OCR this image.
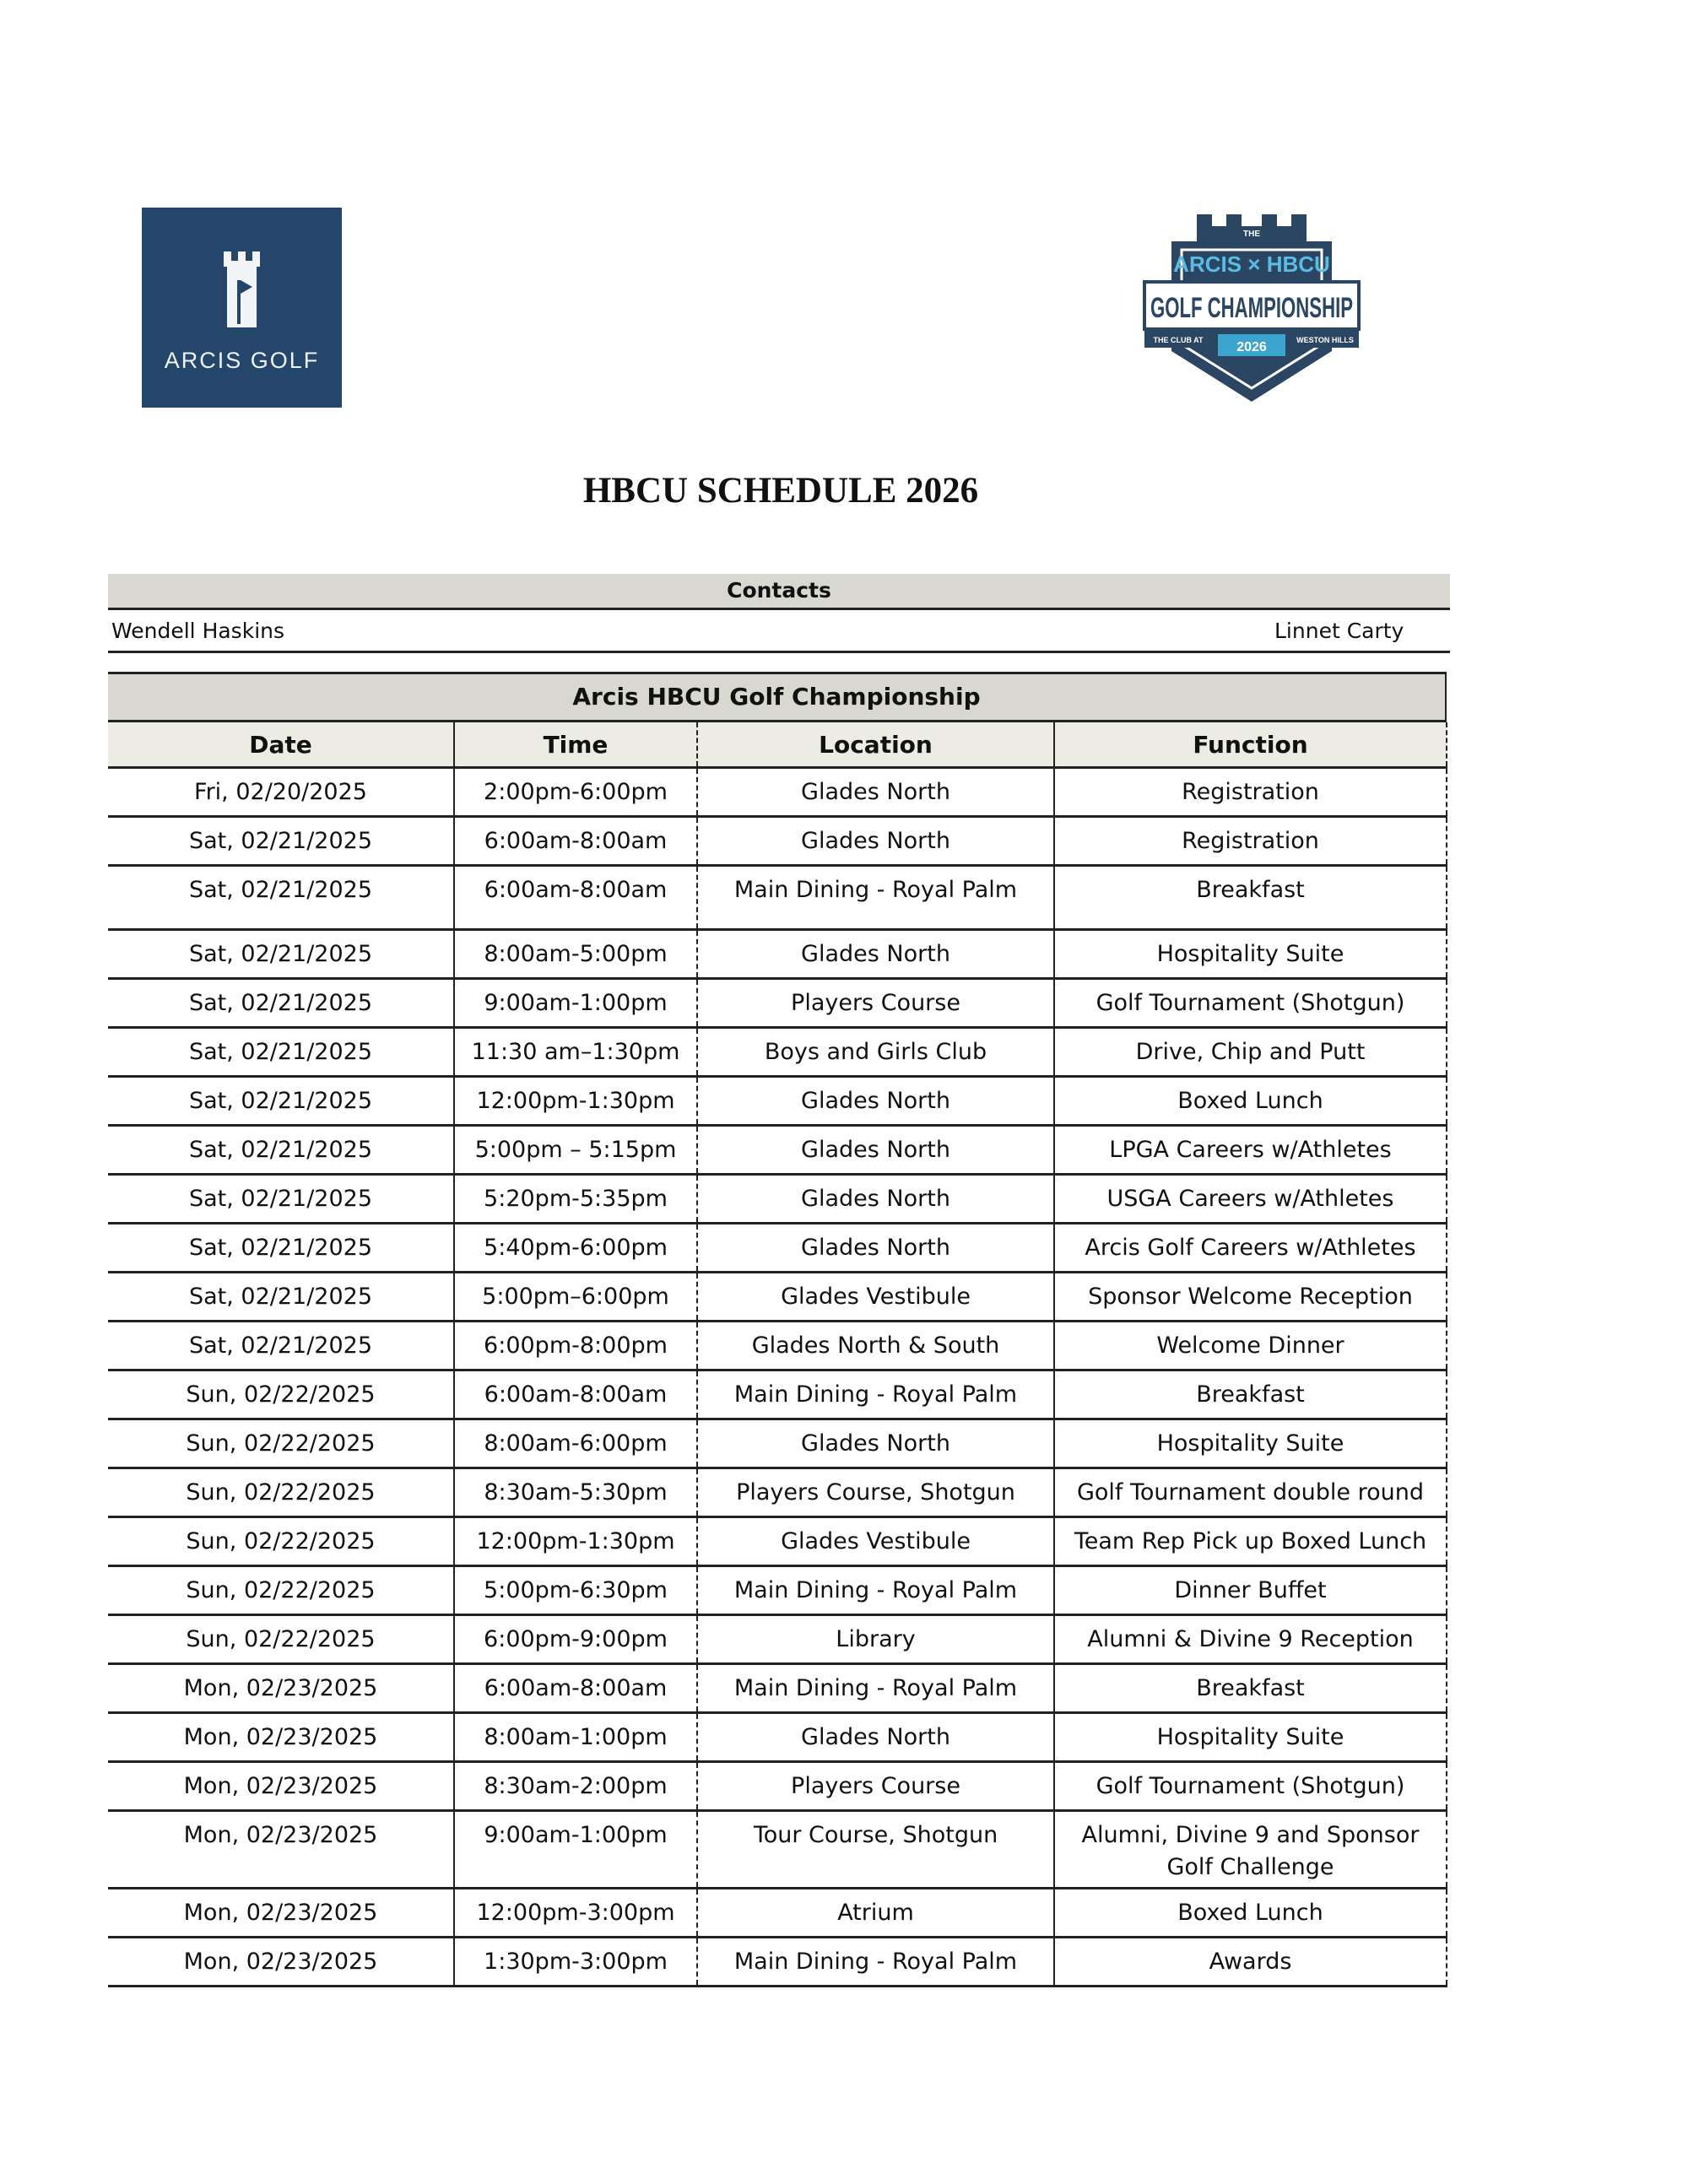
ARCIS GOLF
THE
ARCIS × HBCU
GOLF CHAMPIONSHIP
THE CLUB AT	WESTON HILLS
2026
HBCU SCHEDULE 2026
Contacts
Wendell Haskins	Linnet Carty
Arcis HBCU Golf Championship
Date	Time	Location	Function
Fri, 02/20/2025	2:00pm-6:00pm	Glades North	Registration
Sat, 02/21/2025	6:00am-8:00am	Glades North	Registration
Sat, 02/21/2025	6:00am-8:00am	Main Dining - Royal Palm	Breakfast
Sat, 02/21/2025	8:00am-5:00pm	Glades North	Hospitality Suite
Sat, 02/21/2025	9:00am-1:00pm	Players Course	Golf Tournament (Shotgun)
Sat, 02/21/2025	11:30 am–1:30pm	Boys and Girls Club	Drive, Chip and Putt
Sat, 02/21/2025	12:00pm-1:30pm	Glades North	Boxed Lunch
Sat, 02/21/2025	5:00pm – 5:15pm	Glades North	LPGA Careers w/Athletes
Sat, 02/21/2025	5:20pm-5:35pm	Glades North	USGA Careers w/Athletes
Sat, 02/21/2025	5:40pm-6:00pm	Glades North	Arcis Golf Careers w/Athletes
Sat, 02/21/2025	5:00pm–6:00pm	Glades Vestibule	Sponsor Welcome Reception
Sat, 02/21/2025	6:00pm-8:00pm	Glades North & South	Welcome Dinner
Sun, 02/22/2025	6:00am-8:00am	Main Dining - Royal Palm	Breakfast
Sun, 02/22/2025	8:00am-6:00pm	Glades North	Hospitality Suite
Sun, 02/22/2025	8:30am-5:30pm	Players Course, Shotgun	Golf Tournament double round
Sun, 02/22/2025	12:00pm-1:30pm	Glades Vestibule	Team Rep Pick up Boxed Lunch
Sun, 02/22/2025	5:00pm-6:30pm	Main Dining - Royal Palm	Dinner Buffet
Sun, 02/22/2025	6:00pm-9:00pm	Library	Alumni & Divine 9 Reception
Mon, 02/23/2025	6:00am-8:00am	Main Dining - Royal Palm	Breakfast
Mon, 02/23/2025	8:00am-1:00pm	Glades North	Hospitality Suite
Mon, 02/23/2025	8:30am-2:00pm	Players Course	Golf Tournament (Shotgun)
Mon, 02/23/2025	9:00am-1:00pm	Tour Course, Shotgun	Alumni, Divine 9 and Sponsor Golf Challenge
Mon, 02/23/2025	12:00pm-3:00pm	Atrium	Boxed Lunch
Mon, 02/23/2025	1:30pm-3:00pm	Main Dining - Royal Palm	Awards
